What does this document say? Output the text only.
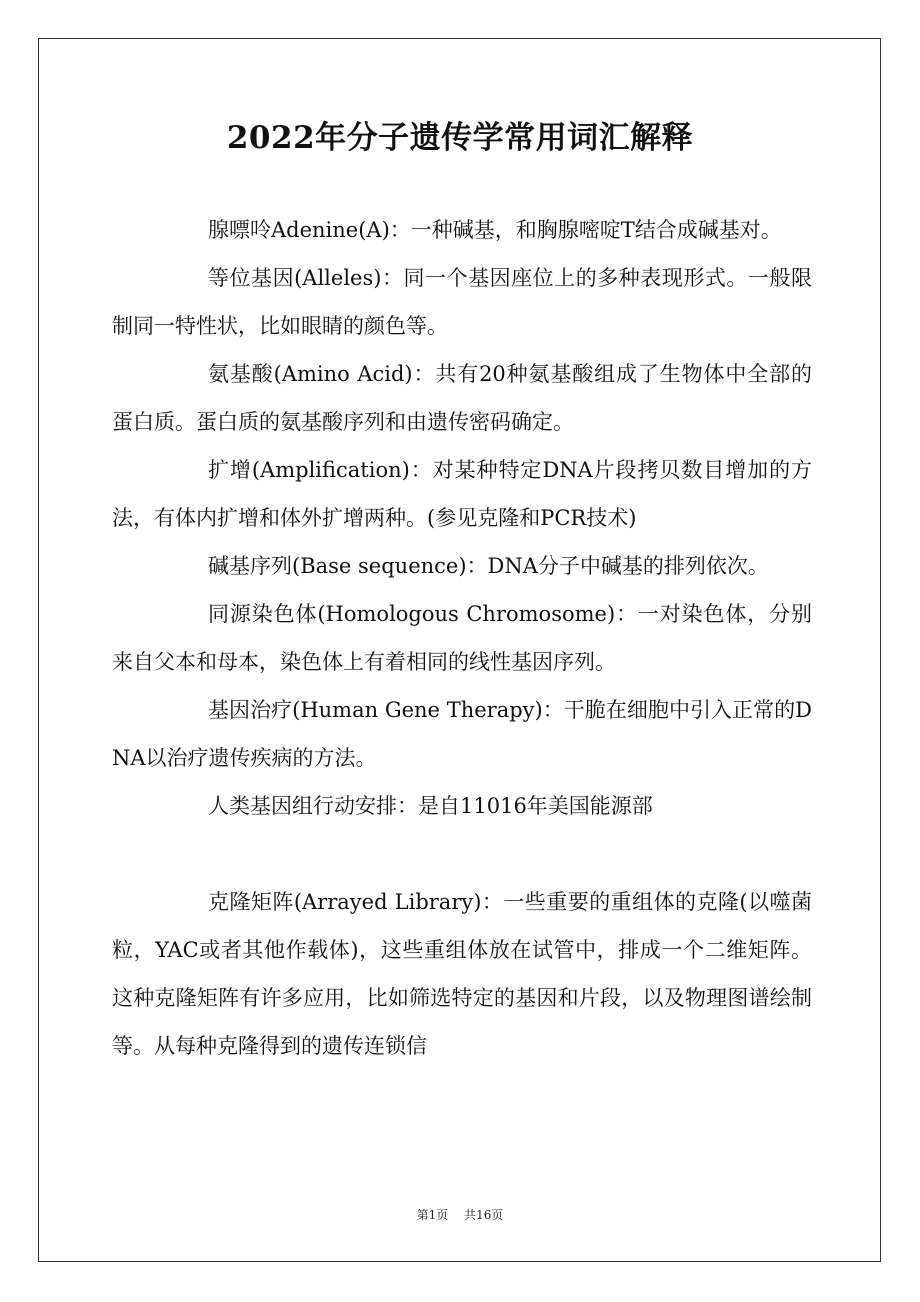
2022年分子遗传学常用词汇解释

腺嘌呤Adenine(A)：一种碱基，和胸腺嘧啶T结合成碱基对。

等位基因(Alleles)：同一个基因座位上的多种表现形式。一般限制同一特性状，比如眼睛的颜色等。

氨基酸(Amino Acid)：共有20种氨基酸组成了生物体中全部的蛋白质。蛋白质的氨基酸序列和由遗传密码确定。

扩增(Amplification)：对某种特定DNA片段拷贝数目增加的方法，有体内扩增和体外扩增两种。(参见克隆和PCR技术)

碱基序列(Base sequence)：DNA分子中碱基的排列依次。

同源染色体(Homologous Chromosome)：一对染色体，分别来自父本和母本，染色体上有着相同的线性基因序列。

基因治疗(Human Gene Therapy)：干脆在细胞中引入正常的DNA以治疗遗传疾病的方法。

人类基因组行动安排：是自11016年美国能源部

克隆矩阵(Arrayed Library)：一些重要的重组体的克隆(以噬菌粒，YAC或者其他作载体)，这些重组体放在试管中，排成一个二维矩阵。这种克隆矩阵有许多应用，比如筛选特定的基因和片段，以及物理图谱绘制等。从每种克隆得到的遗传连锁信

第1页 共16页
